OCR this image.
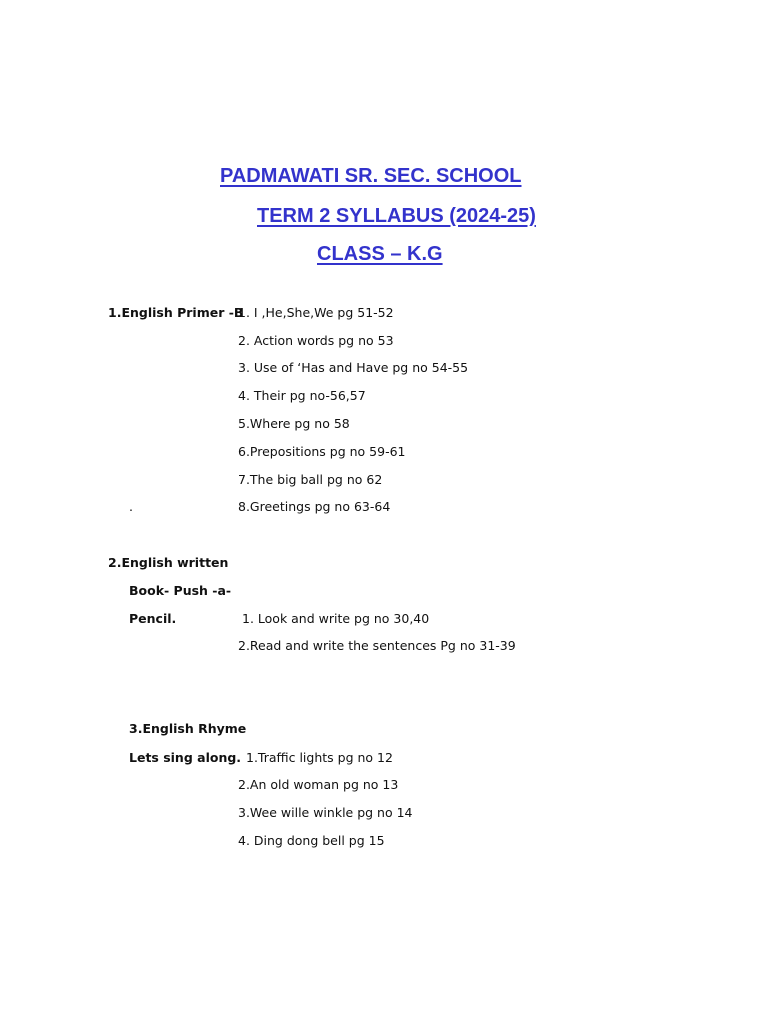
PADMAWATI SR. SEC. SCHOOL
TERM 2 SYLLABUS (2024-25)
CLASS – K.G
1.English Primer -B
1. I ,He,She,We pg 51-52
2. Action words pg no 53
3. Use of ‘Has and Have pg no 54-55
4. Their pg no-56,57
5.Where pg no 58
6.Prepositions pg no 59-61
7.The big ball pg no 62
.	8.Greetings pg no 63-64
2.English written
Book- Push -a-
Pencil.	1. Look and write pg no 30,40
2.Read and write the sentences Pg no 31-39
3.English Rhyme
Lets sing along. 1.Traffic lights pg no 12
2.An old woman pg no 13
3.Wee wille winkle pg no 14
4. Ding dong bell pg 15
